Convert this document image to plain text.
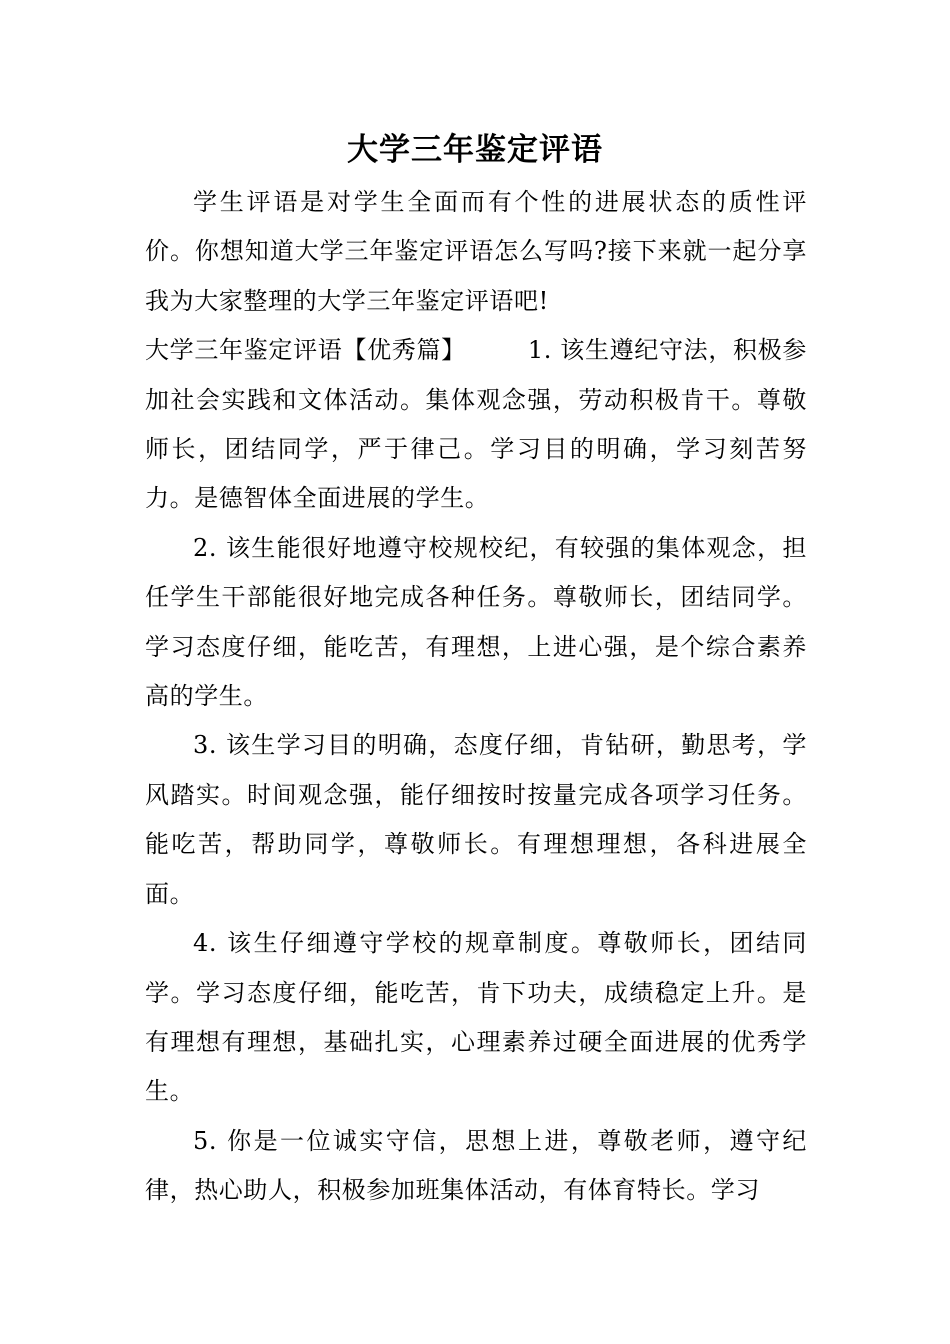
大学三年鉴定评语

学生评语是对学生全面而有个性的进展状态的质性评价。你想知道大学三年鉴定评语怎么写吗?接下来就一起分享我为大家整理的大学三年鉴定评语吧!

大学三年鉴定评语【优秀篇】	1. 该生遵纪守法，积极参加社会实践和文体活动。集体观念强，劳动积极肯干。尊敬师长，团结同学，严于律己。学习目的明确，学习刻苦努力。是德智体全面进展的学生。

2. 该生能很好地遵守校规校纪，有较强的集体观念，担任学生干部能很好地完成各种任务。尊敬师长，团结同学。学习态度仔细，能吃苦，有理想，上进心强，是个综合素养高的学生。

3. 该生学习目的明确，态度仔细，肯钻研，勤思考，学风踏实。时间观念强，能仔细按时按量完成各项学习任务。能吃苦，帮助同学，尊敬师长。有理想理想，各科进展全面。

4. 该生仔细遵守学校的规章制度。尊敬师长，团结同学。学习态度仔细，能吃苦，肯下功夫，成绩稳定上升。是有理想有理想，基础扎实，心理素养过硬全面进展的优秀学生。

5. 你是一位诚实守信，思想上进，尊敬老师，遵守纪律，热心助人，积极参加班集体活动，有体育特长。学习
